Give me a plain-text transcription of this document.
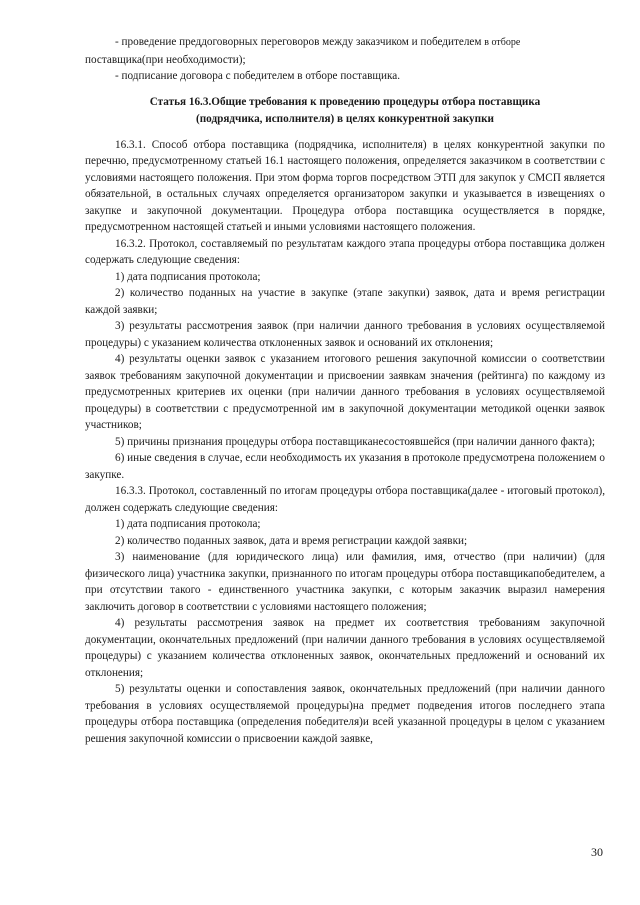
- проведение преддоговорных переговоров между заказчиком и победителем в отборе

поставщика(при необходимости);

- подписание договора с победителем в отборе поставщика.

Статья 16.3.Общие требования к проведению процедуры отбора поставщика
(подрядчика, исполнителя) в целях конкурентной закупки

16.3.1. Способ отбора поставщика (подрядчика, исполнителя) в целях конкурентной закупки по перечню, предусмотренному статьей 16.1 настоящего положения, определяется заказчиком в соответствии с условиями настоящего положения. При этом форма торгов посредством ЭТП для закупок у СМСП является обязательной, в остальных случаях определяется организатором закупки и указывается в извещениях о закупке и закупочной документации. Процедура отбора поставщика осуществляется в порядке, предусмотренном настоящей статьей и иными условиями настоящего положения.

16.3.2. Протокол, составляемый по результатам каждого этапа процедуры отбора поставщика должен содержать следующие сведения:

1) дата подписания протокола;

2) количество поданных на участие в закупке (этапе закупки) заявок, дата и время регистрации каждой заявки;

3) результаты рассмотрения заявок (при наличии данного требования в условиях осуществляемой процедуры) с указанием количества отклоненных заявок и оснований их отклонения;

4) результаты оценки заявок с указанием итогового решения закупочной комиссии о соответствии заявок требованиям закупочной документации и присвоении заявкам значения (рейтинга) по каждому из предусмотренных критериев их оценки (при наличии данного требования в условиях осуществляемой процедуры) в соответствии с предусмотренной им в закупочной документации методикой оценки заявок участников;

5) причины признания процедуры отбора поставщиканесостоявшейся (при наличии данного факта);

6) иные сведения в случае, если необходимость их указания в протоколе предусмотрена положением о закупке.

16.3.3. Протокол, составленный по итогам процедуры отбора поставщика(далее - итоговый протокол), должен содержать следующие сведения:

1) дата подписания протокола;

2) количество поданных заявок, дата и время регистрации каждой заявки;

3) наименование (для юридического лица) или фамилия, имя, отчество (при наличии) (для физического лица) участника закупки, признанного по итогам процедуры отбора поставщикапобедителем, а при отсутствии такого - единственного участника закупки, с которым заказчик выразил намерения заключить договор в соответствии с условиями настоящего положения;

4) результаты рассмотрения заявок на предмет их соответствия требованиям закупочной документации, окончательных предложений (при наличии данного требования в условиях осуществляемой процедуры) с указанием количества отклоненных заявок, окончательных предложений и оснований их отклонения;

5) результаты оценки и сопоставления заявок, окончательных предложений (при наличии данного требования в условиях осуществляемой процедуры)на предмет подведения итогов последнего этапа процедуры отбора поставщика (определения победителя)и всей указанной процедуры в целом с указанием решения закупочной комиссии о присвоении каждой заявке,

30
